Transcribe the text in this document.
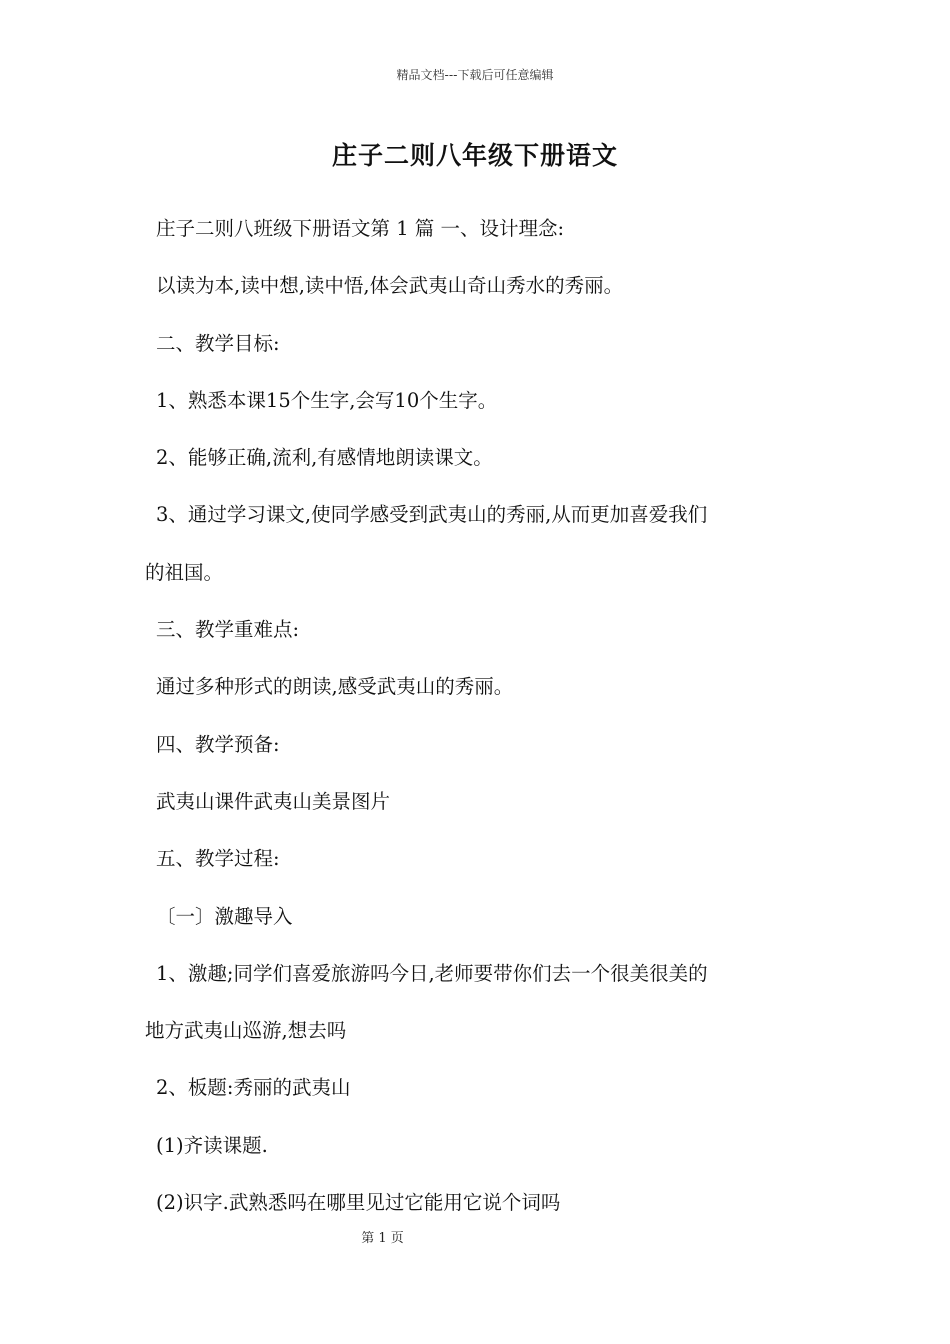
精品文档---下载后可任意编辑
庄子二则八年级下册语文
庄子二则八班级下册语文第 1 篇 一、设计理念:
以读为本,读中想,读中悟,体会武夷山奇山秀水的秀丽。
二、教学目标:
1、熟悉本课15个生字,会写10个生字。
2、能够正确,流利,有感情地朗读课文。
3、通过学习课文,使同学感受到武夷山的秀丽,从而更加喜爱我们
的祖国。
三、教学重难点:
通过多种形式的朗读,感受武夷山的秀丽。
四、教学预备:
武夷山课件武夷山美景图片
五、教学过程:
〔一〕激趣导入
1、激趣;同学们喜爱旅游吗今日,老师要带你们去一个很美很美的
地方武夷山巡游,想去吗
2、板题:秀丽的武夷山
(1)齐读课题.
(2)识字.武熟悉吗在哪里见过它能用它说个词吗
第 1 页
